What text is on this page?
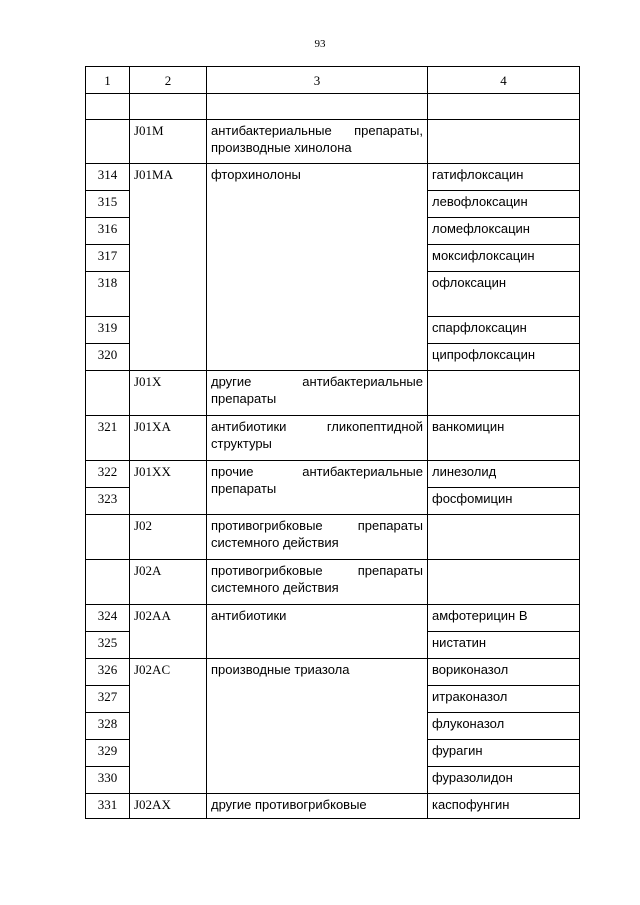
93
1	2	3	4

	J01M	антибактериальные препараты, производные хинолона	
314	J01MA	фторхинолоны	гатифлоксацин
315			левофлоксацин
316			ломефлоксацин
317			моксифлоксацин
318			офлоксацин
319			спарфлоксацин
320			ципрофлоксацин
	J01X	другие антибактериальные препараты	
321	J01XA	антибиотики гликопептидной структуры	ванкомицин
322	J01XX	прочие антибактериальные препараты	линезолид
323			фосфомицин
	J02	противогрибковые препараты системного действия	
	J02A	противогрибковые препараты системного действия	
324	J02AA	антибиотики	амфотерицин B
325			нистатин
326	J02AC	производные триазола	вориконазол
327			итраконазол
328			флуконазол
329			фурагин
330			фуразолидон
331	J02AX	другие противогрибковые	каспофунгин
